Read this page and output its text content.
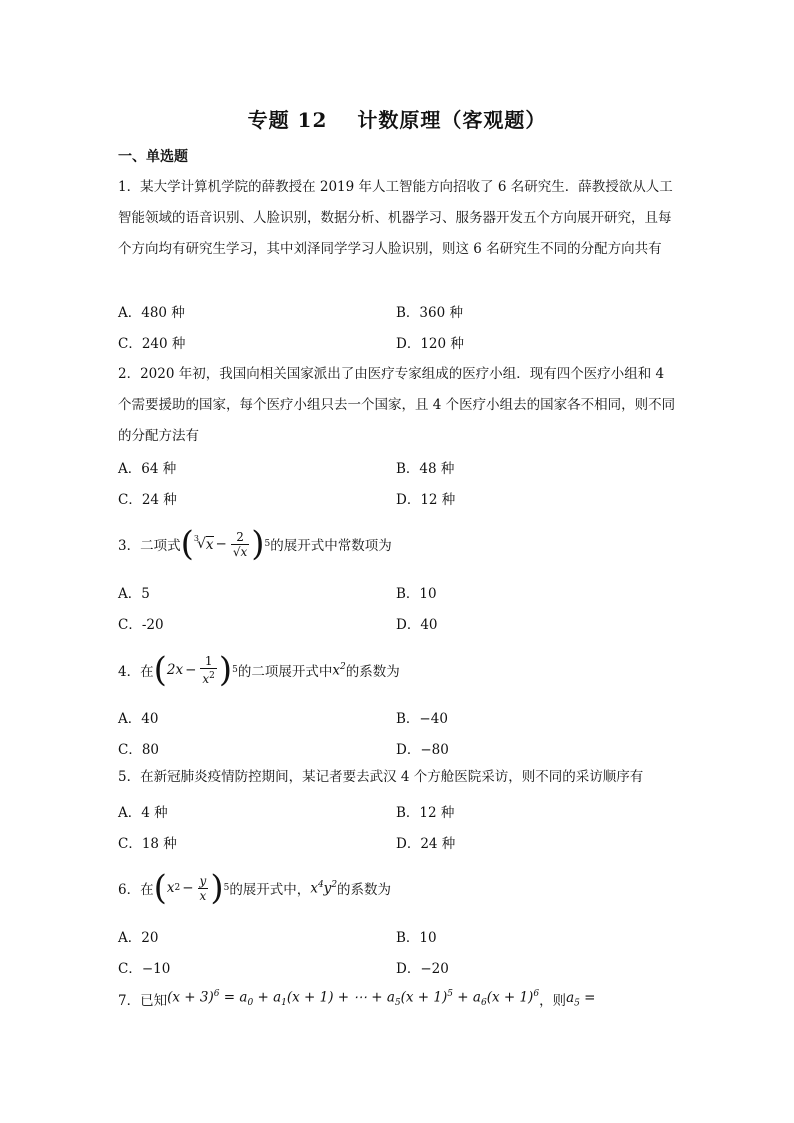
专题 12 计数原理（客观题）
一、单选题
1．某大学计算机学院的薛教授在 2019 年人工智能方向招收了 6 名研究生．薛教授欲从人工智能领域的语音识别、人脸识别，数据分析、机器学习、服务器开发五个方向展开研究，且每个方向均有研究生学习，其中刘泽同学学习人脸识别，则这 6 名研究生不同的分配方向共有
A．480 种	B．360 种
C．240 种	D．120 种
2．2020 年初，我国向相关国家派出了由医疗专家组成的医疗小组．现有四个医疗小组和 4 个需要援助的国家，每个医疗小组只去一个国家，且 4 个医疗小组去的国家各不相同，则不同的分配方法有
A．64 种	B．48 种
C．24 种	D．12 种
3．二项式 ($^3$
√ $x - \frac{2}{√x}$ ) 5 的展开式中常数项为
A．5	B．10
C．-20	D．40
4．在 ( $2x - \frac{1}{x^2}$ ) 5 的二项展开式中 $x^2$ 的系数为
A．40	B．−40
C．80	D．−80
5．在新冠肺炎疫情防控期间，某记者要去武汉 4 个方舱医院采访，则不同的采访顺序有
A．4 种	B．12 种
C．18 种	D．24 种
6．在 ( x $2 - \frac{y}{x}$ ) 5 的展开式中， $x^4y^2$ 的系数为
A．20	B．10
C．−10	D．−20
7．已知 $(x + 3)^6 = a_0 + a_1(x + 1)$ + ⋯ + $a_5(x + 1)^5 + a_6(x + 1)^6$ ，则 $a_5$ =
